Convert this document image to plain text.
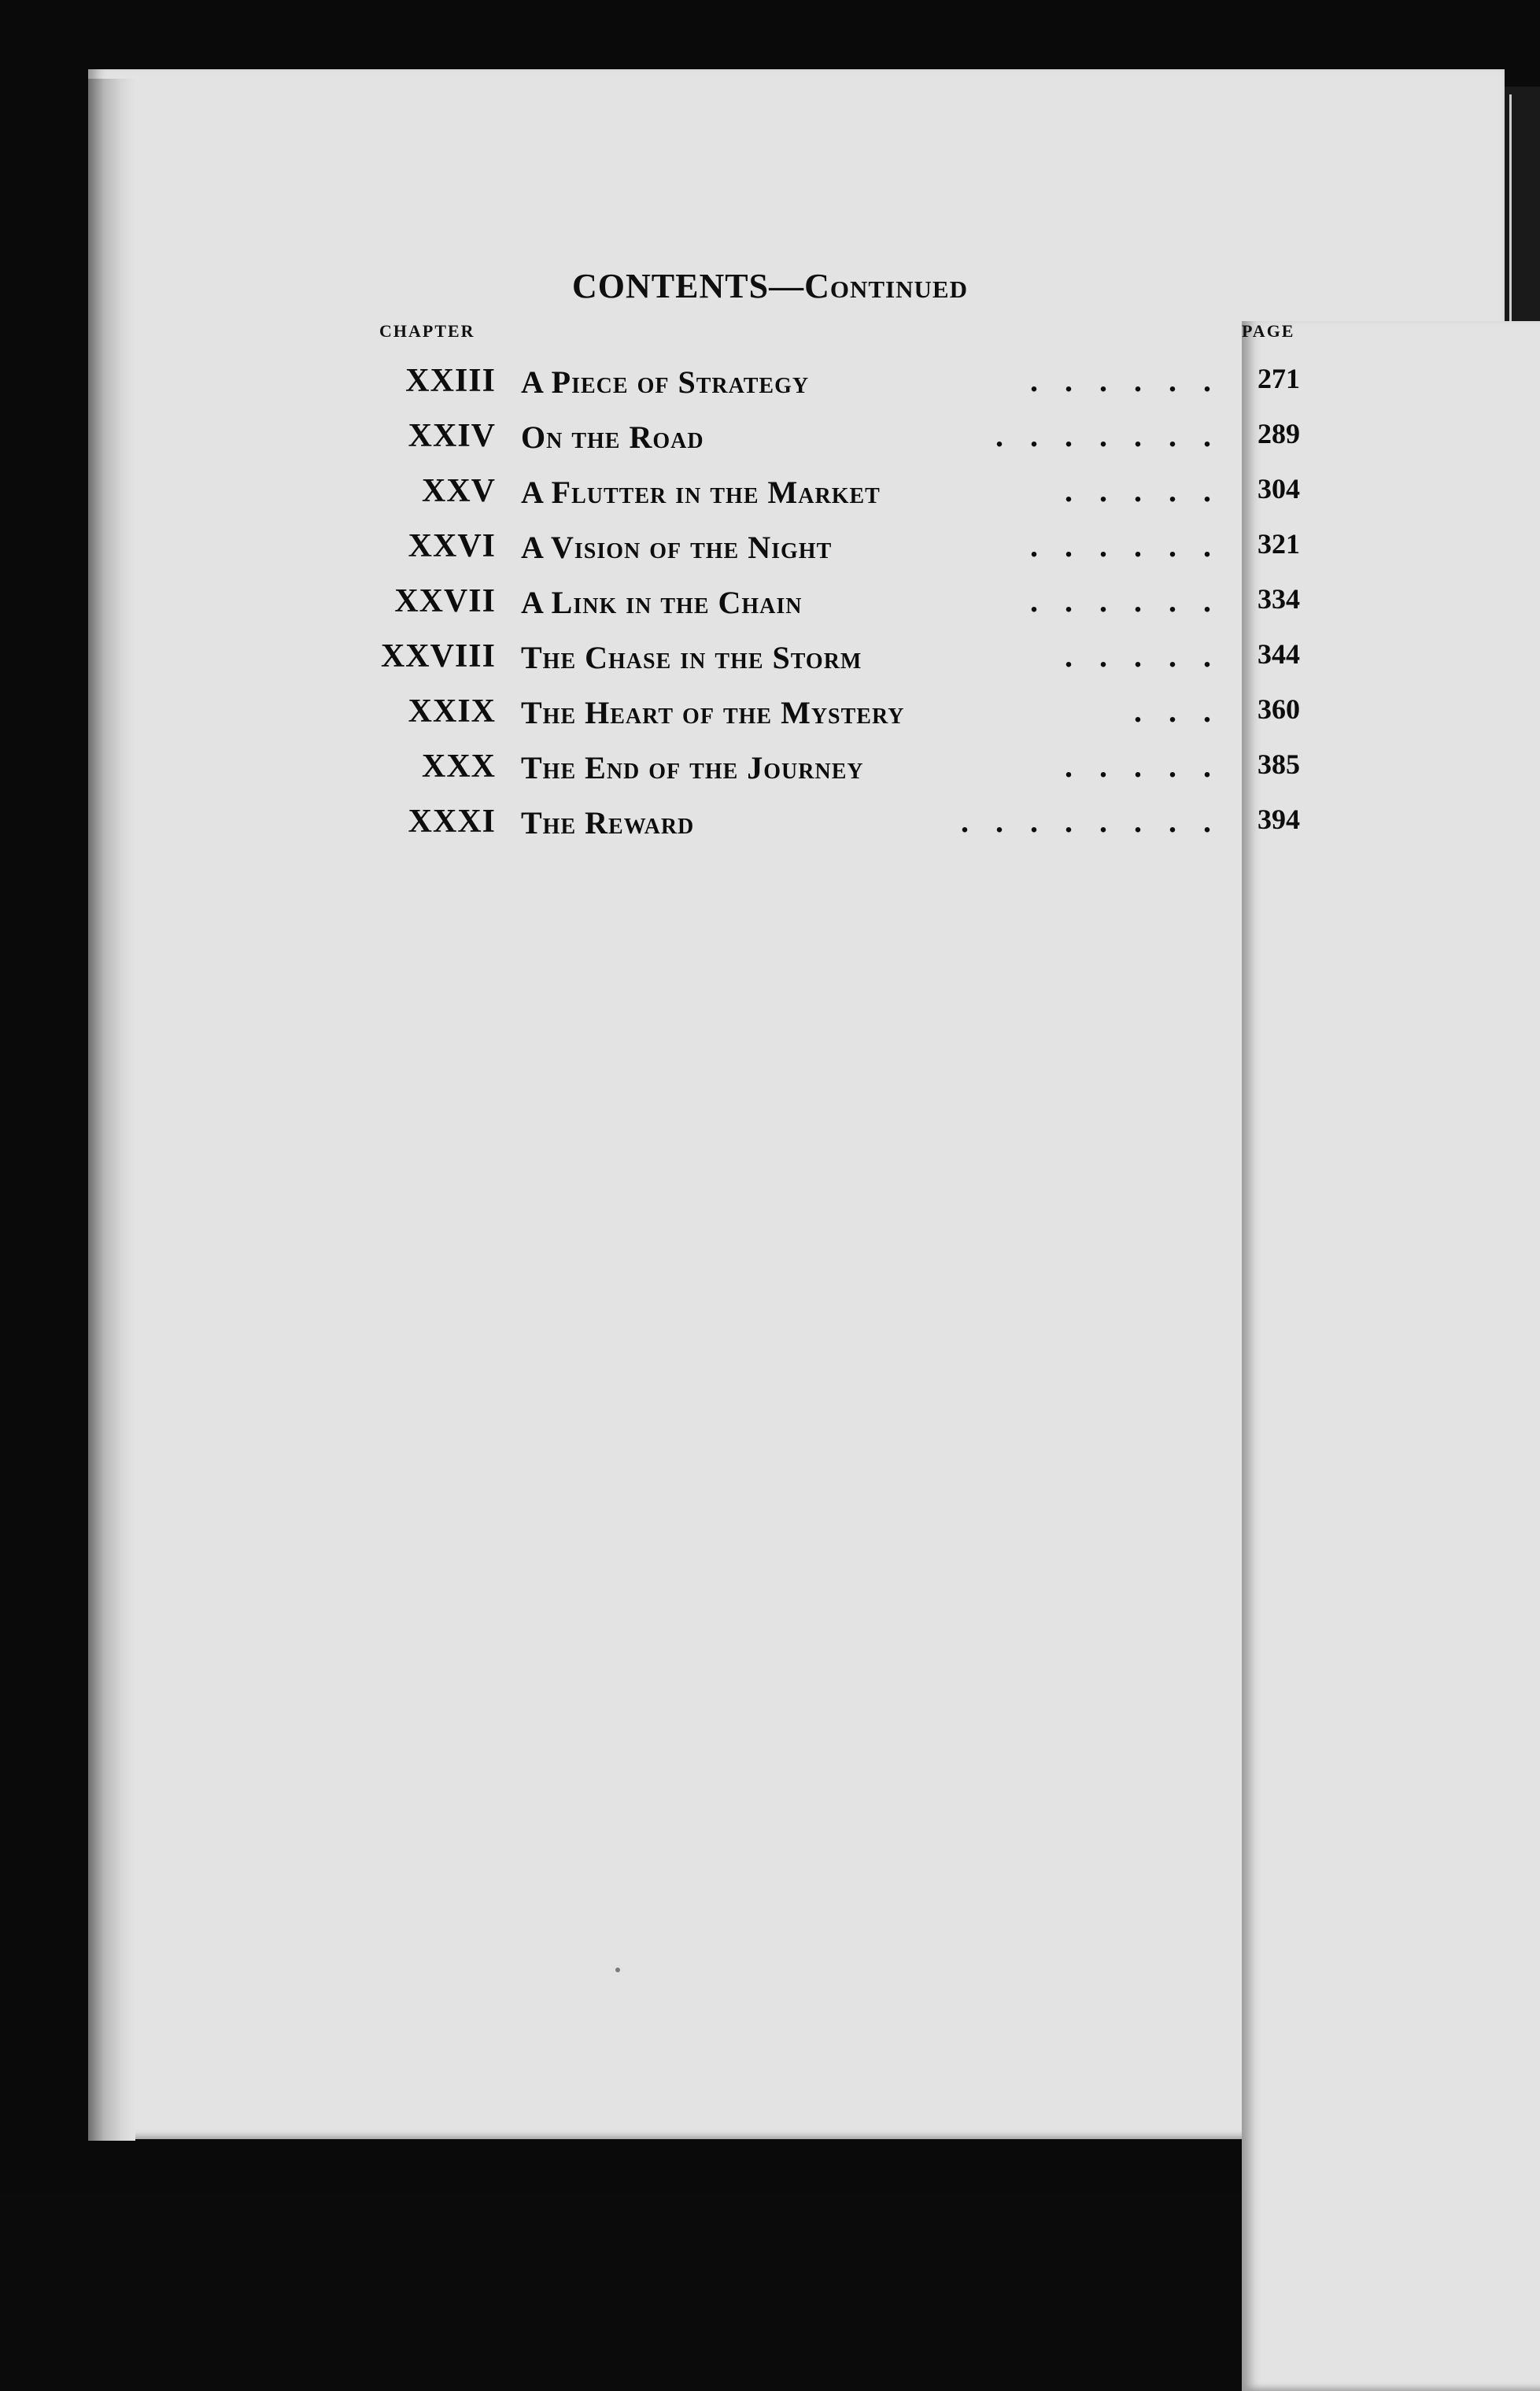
CONTENTS—Continued
CHAPTER	PAGE
XXIII A Piece of Strategy	...... 271
XXIV On the Road	....... 289
XXV A Flutter in the Market	..... 304
XXVI A Vision of the Night	...... 321
XXVII A Link in the Chain	...... 334
XXVIII The Chase in the Storm	..... 344
XXIX The Heart of the Mystery	... 360
XXX The End of the Journey	..... 385
XXXI The Reward	........ 394
